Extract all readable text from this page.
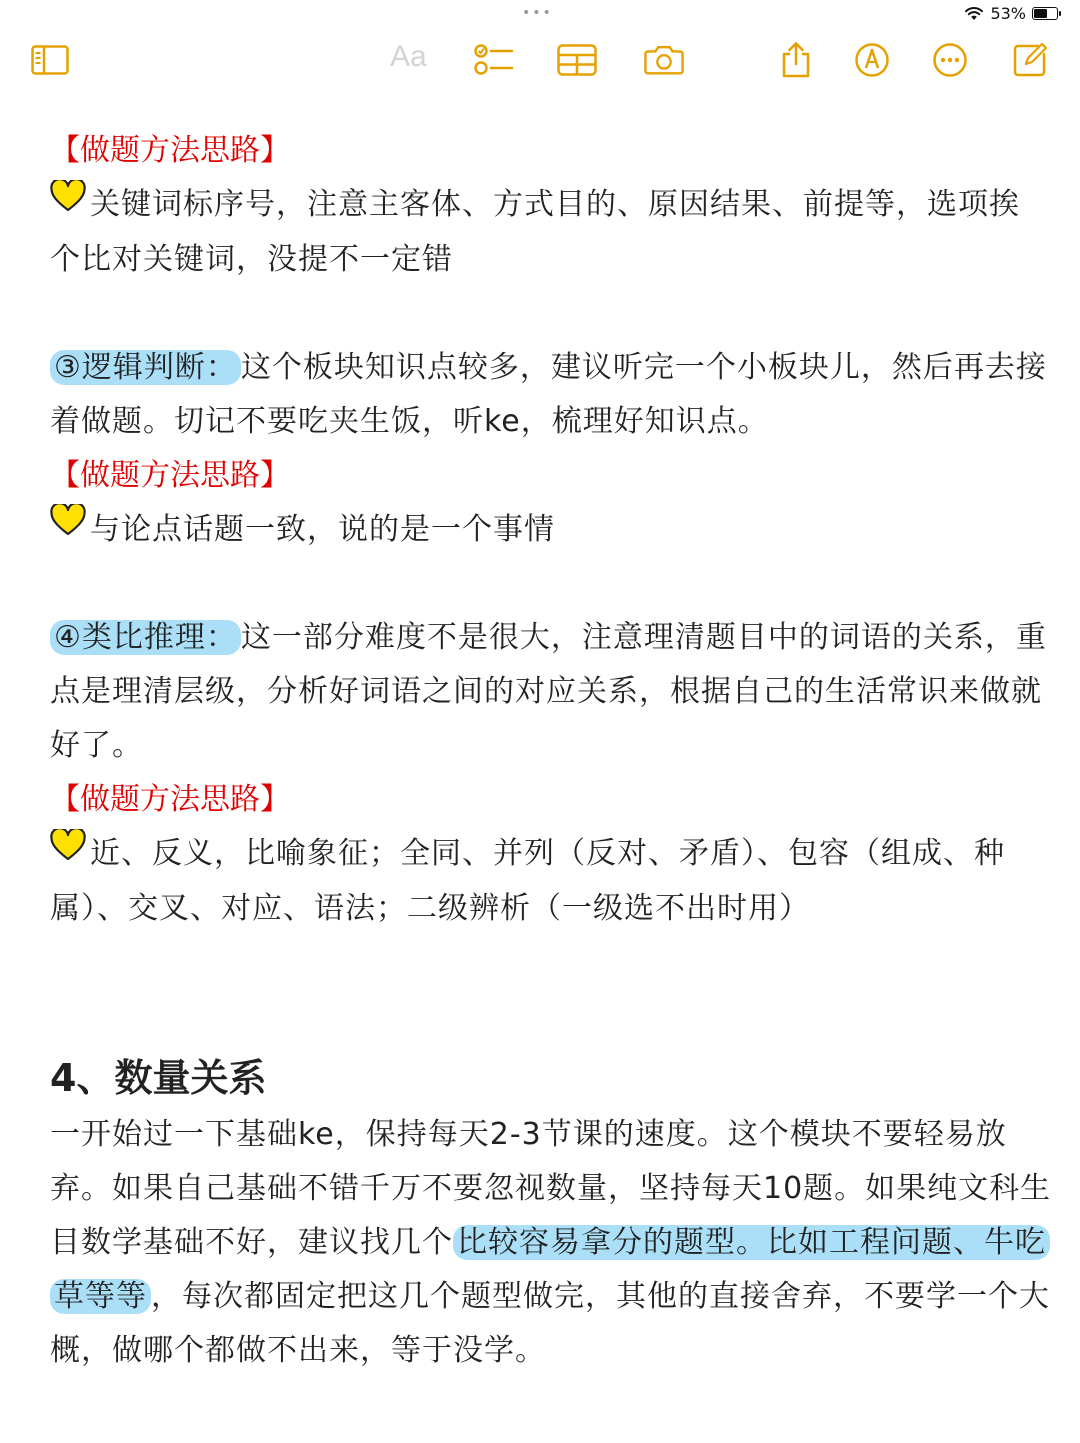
•••	53%
Aa
【做题方法思路】
关键词标序号，注意主客体、方式目的、原因结果、前提等，选项挨
个比对关键词，没提不一定错
③逻辑判断： 这个板块知识点较多，建议听完一个小板块儿，然后再去接
着做题。切记不要吃夹生饭，听ke，梳理好知识点。
【做题方法思路】
与论点话题一致，说的是一个事情
④类比推理： 这一部分难度不是很大，注意理清题目中的词语的关系，重
点是理清层级，分析好词语之间的对应关系，根据自己的生活常识来做就
好了。
【做题方法思路】
近、反义，比喻象征；全同、并列（反对、矛盾）、包容（组成、种
属）、交叉、对应、语法；二级辨析（一级选不出时用）
4、数量关系
一开始过一下基础ke，保持每天2-3节课的速度。这个模块不要轻易放
弃。如果自己基础不错千万不要忽视数量，坚持每天10题。如果纯文科生
目数学基础不好，建议找几个 比较容易拿分的题型。比如工程问题、牛吃
草等等 ，每次都固定把这几个题型做完，其他的直接舍弃，不要学一个大
概，做哪个都做不出来，等于没学。
